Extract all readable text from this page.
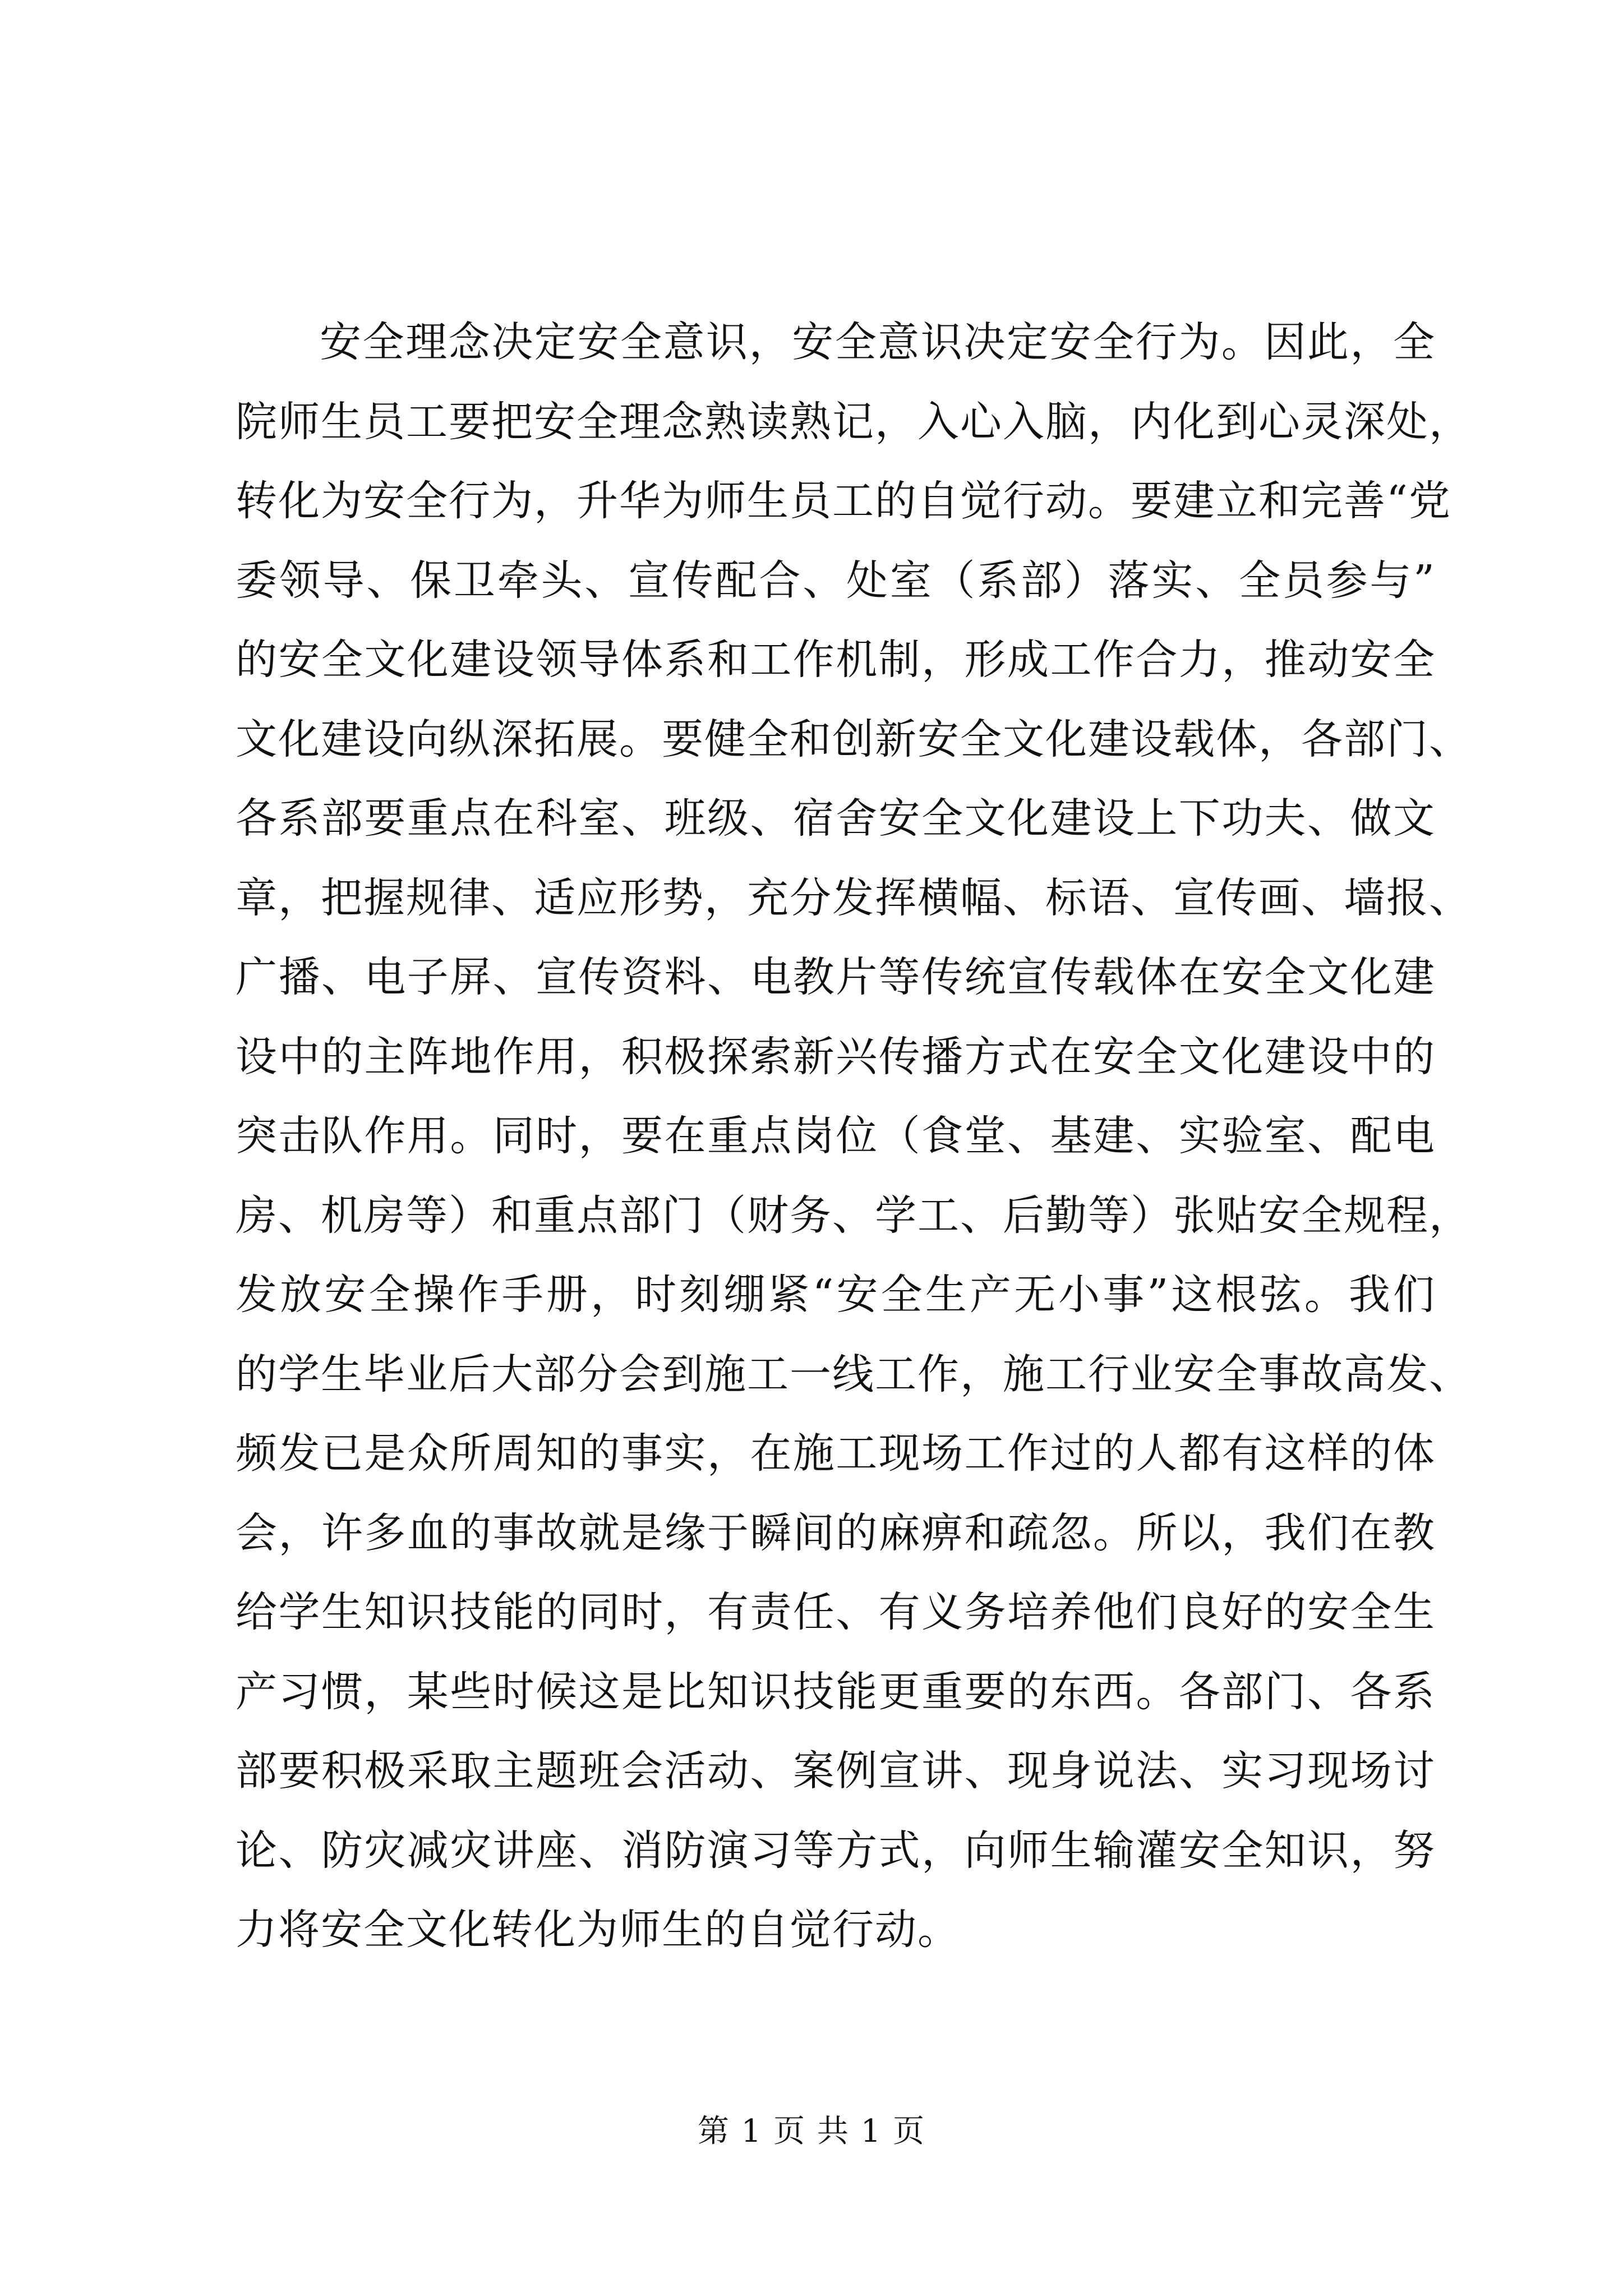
安全理念决定安全意识，安全意识决定安全行为。因此，全
院师生员工要把安全理念熟读熟记，入心入脑，内化到心灵深处，
转化为安全行为，升华为师生员工的自觉行动。要建立和完善“党
委领导、保卫牵头、宣传配合、处室（系部）落实、全员参与”
的安全文化建设领导体系和工作机制，形成工作合力，推动安全
文化建设向纵深拓展。要健全和创新安全文化建设载体，各部门、
各系部要重点在科室、班级、宿舍安全文化建设上下功夫、做文
章，把握规律、适应形势，充分发挥横幅、标语、宣传画、墙报、
广播、电子屏、宣传资料、电教片等传统宣传载体在安全文化建
设中的主阵地作用，积极探索新兴传播方式在安全文化建设中的
突击队作用。同时，要在重点岗位（食堂、基建、实验室、配电
房、机房等）和重点部门（财务、学工、后勤等）张贴安全规程，
发放安全操作手册，时刻绷紧“安全生产无小事”这根弦。我们
的学生毕业后大部分会到施工一线工作，施工行业安全事故高发、
频发已是众所周知的事实，在施工现场工作过的人都有这样的体
会，许多血的事故就是缘于瞬间的麻痹和疏忽。所以，我们在教
给学生知识技能的同时，有责任、有义务培养他们良好的安全生
产习惯，某些时候这是比知识技能更重要的东西。各部门、各系
部要积极采取主题班会活动、案例宣讲、现身说法、实习现场讨
论、防灾减灾讲座、消防演习等方式，向师生输灌安全知识，努
力将安全文化转化为师生的自觉行动。
第 1 页 共 1 页
